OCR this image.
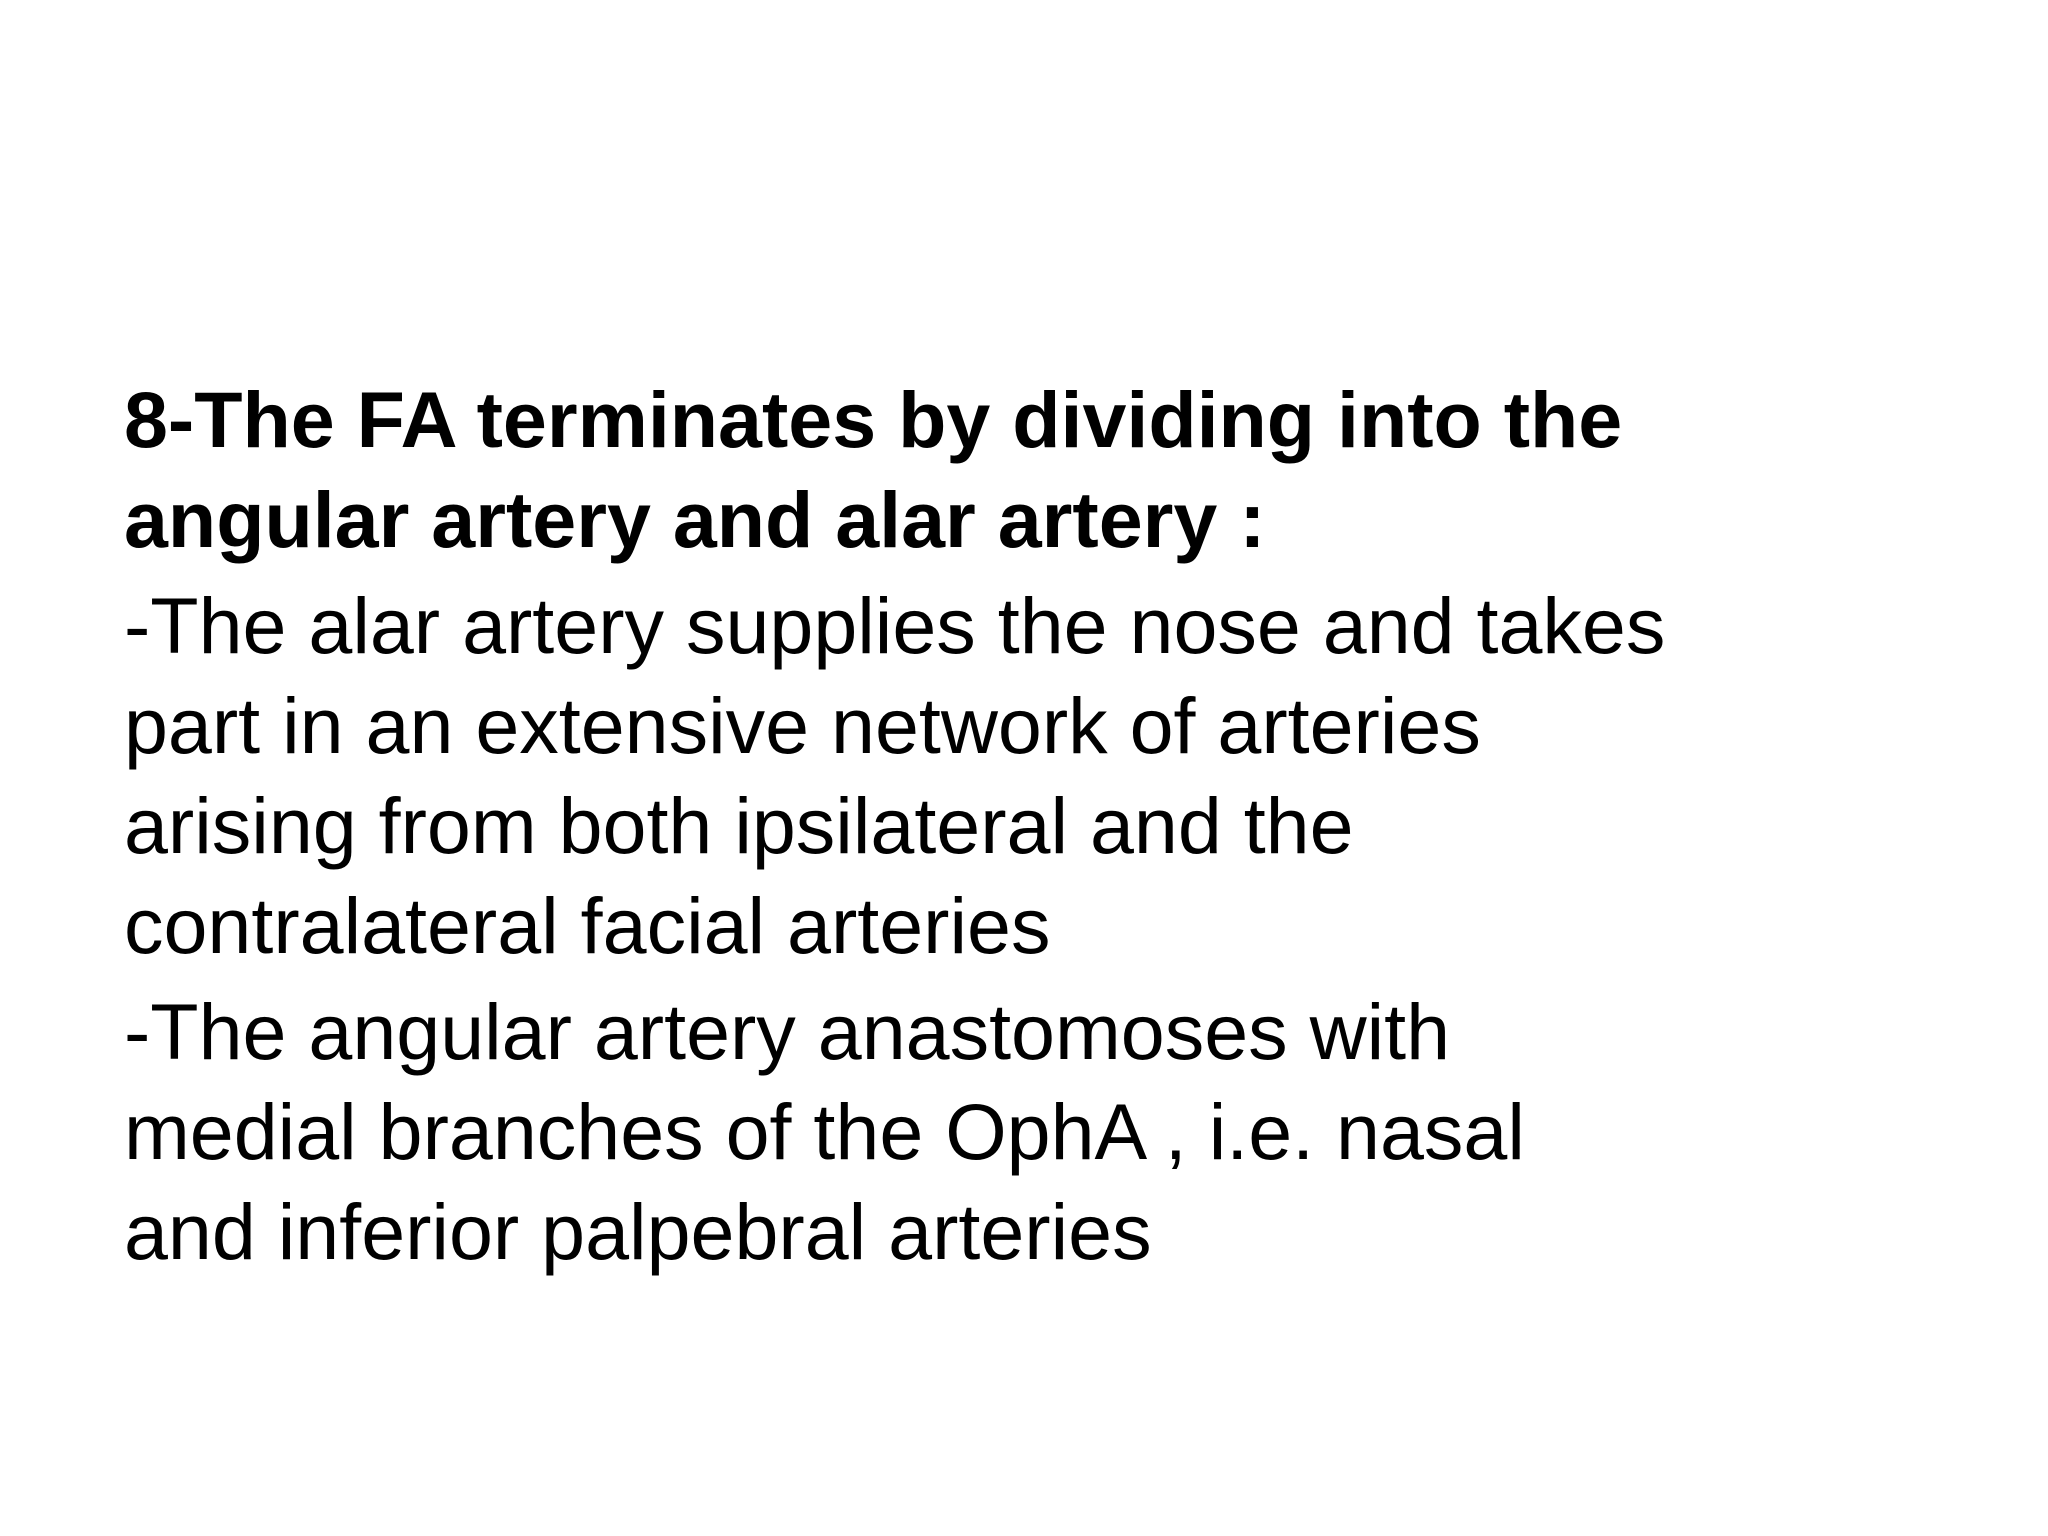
8-The FA terminates by dividing into the
angular artery and alar artery :

-The alar artery supplies the nose and takes
part in an extensive network of arteries
arising from both ipsilateral and the
contralateral facial arteries

-The angular artery anastomoses with
medial branches of the OphA , i.e. nasal
and inferior palpebral arteries
